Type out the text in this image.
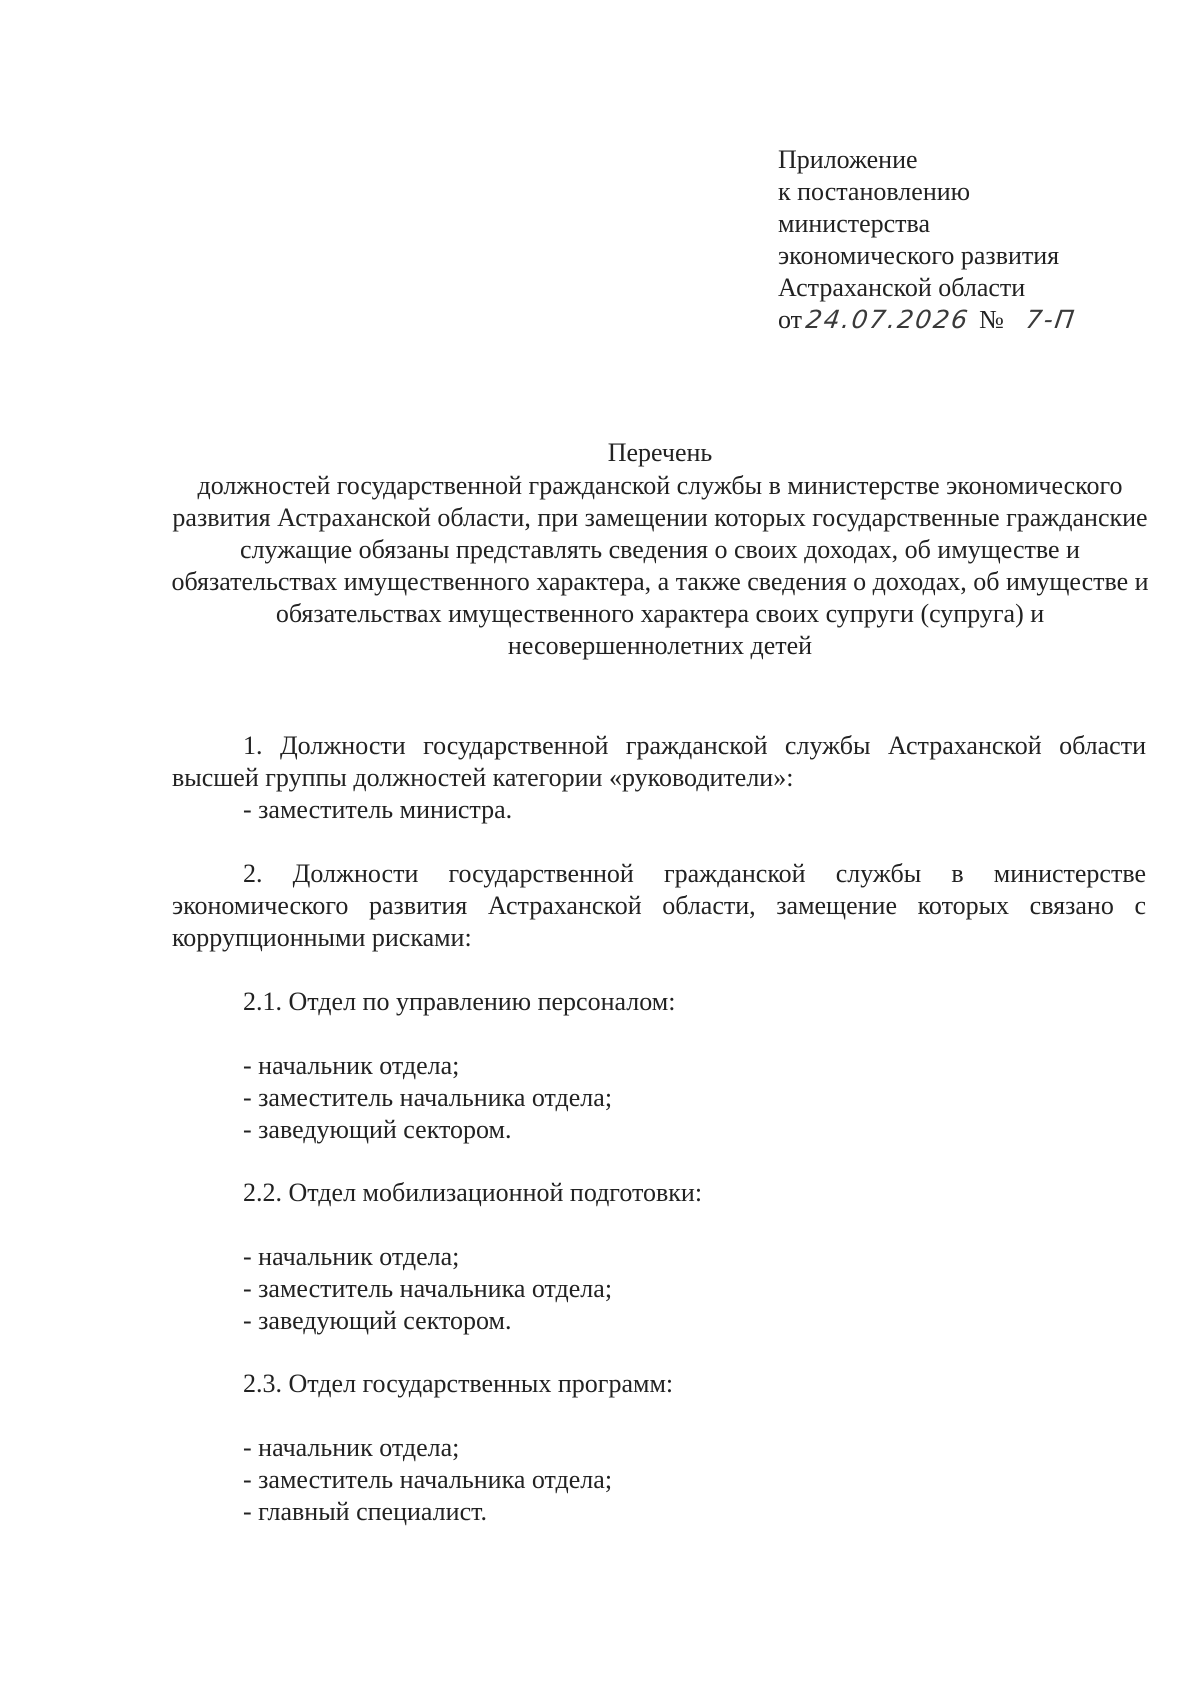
Приложение
к постановлению
министерства
экономического развития
Астраханской области
от 24.07.2026 № 7-П
Перечень
должностей государственной гражданской службы в министерстве экономического развития Астраханской области, при замещении которых государственные гражданские служащие обязаны представлять сведения о своих доходах, об имуществе и обязательствах имущественного характера, а также сведения о доходах, об имуществе и обязательствах имущественного характера своих супруги (супруга) и несовершеннолетних детей

1. Должности государственной гражданской службы Астраханской области высшей группы должностей категории «руководители»:

- заместитель министра.

2. Должности государственной гражданской службы в министерстве экономического развития Астраханской области, замещение которых связано с коррупционными рисками:

2.1. Отдел по управлению персоналом:
- начальник отдела;
- заместитель начальника отдела;
- заведующий сектором.
2.2. Отдел мобилизационной подготовки:
- начальник отдела;
- заместитель начальника отдела;
- заведующий сектором.
2.3. Отдел государственных программ:
- начальник отдела;
- заместитель начальника отдела;
- главный специалист.
